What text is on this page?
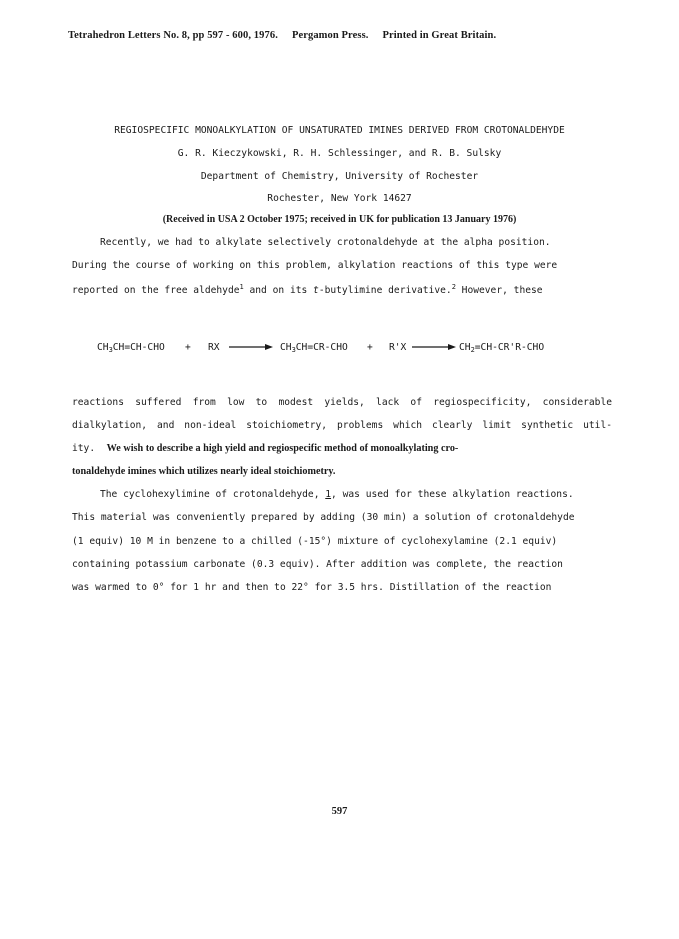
Tetrahedron Letters No. 8, pp 597 - 600, 1976. Pergamon Press. Printed in Great Britain.
REGIOSPECIFIC MONOALKYLATION OF UNSATURATED IMINES DERIVED FROM CROTONALDEHYDE
G. R. Kieczykowski, R. H. Schlessinger, and R. B. Sulsky
Department of Chemistry, University of Rochester
Rochester, New York 14627
(Received in USA 2 October 1975; received in UK for publication 13 January 1976)
Recently, we had to alkylate selectively crotonaldehyde at the alpha position.
During the course of working on this problem, alkylation reactions of this type were
reported on the free aldehyde$^1$ and on its t-butylimine derivative.$^2$ However, these
$CH_3CH=CH$-CHO + RX → $CH_3CH=CR$-CHO + $R'X \to CH_2=CH-CR'R$-CHO
reactions suffered from low to modest yields, lack of regiospecificity, considerable
dialkylation, and non-ideal stoichiometry, problems which clearly limit synthetic util-
ity. We wish to describe a high yield and regiospecific method of monoalkylating cro-
tonaldehyde imines which utilizes nearly ideal stoichiometry.
The cyclohexylimine of crotonaldehyde, 1, was used for these alkylation reactions.
This material was conveniently prepared by adding (30 min) a solution of crotonaldehyde
(1 equiv) 10 M in benzene to a chilled (-15°) mixture of cyclohexylamine (2.1 equiv)
containing potassium carbonate (0.3 equiv). After addition was complete, the reaction
was warmed to 0° for 1 hr and then to 22° for 3.5 hrs. Distillation of the reaction
597
